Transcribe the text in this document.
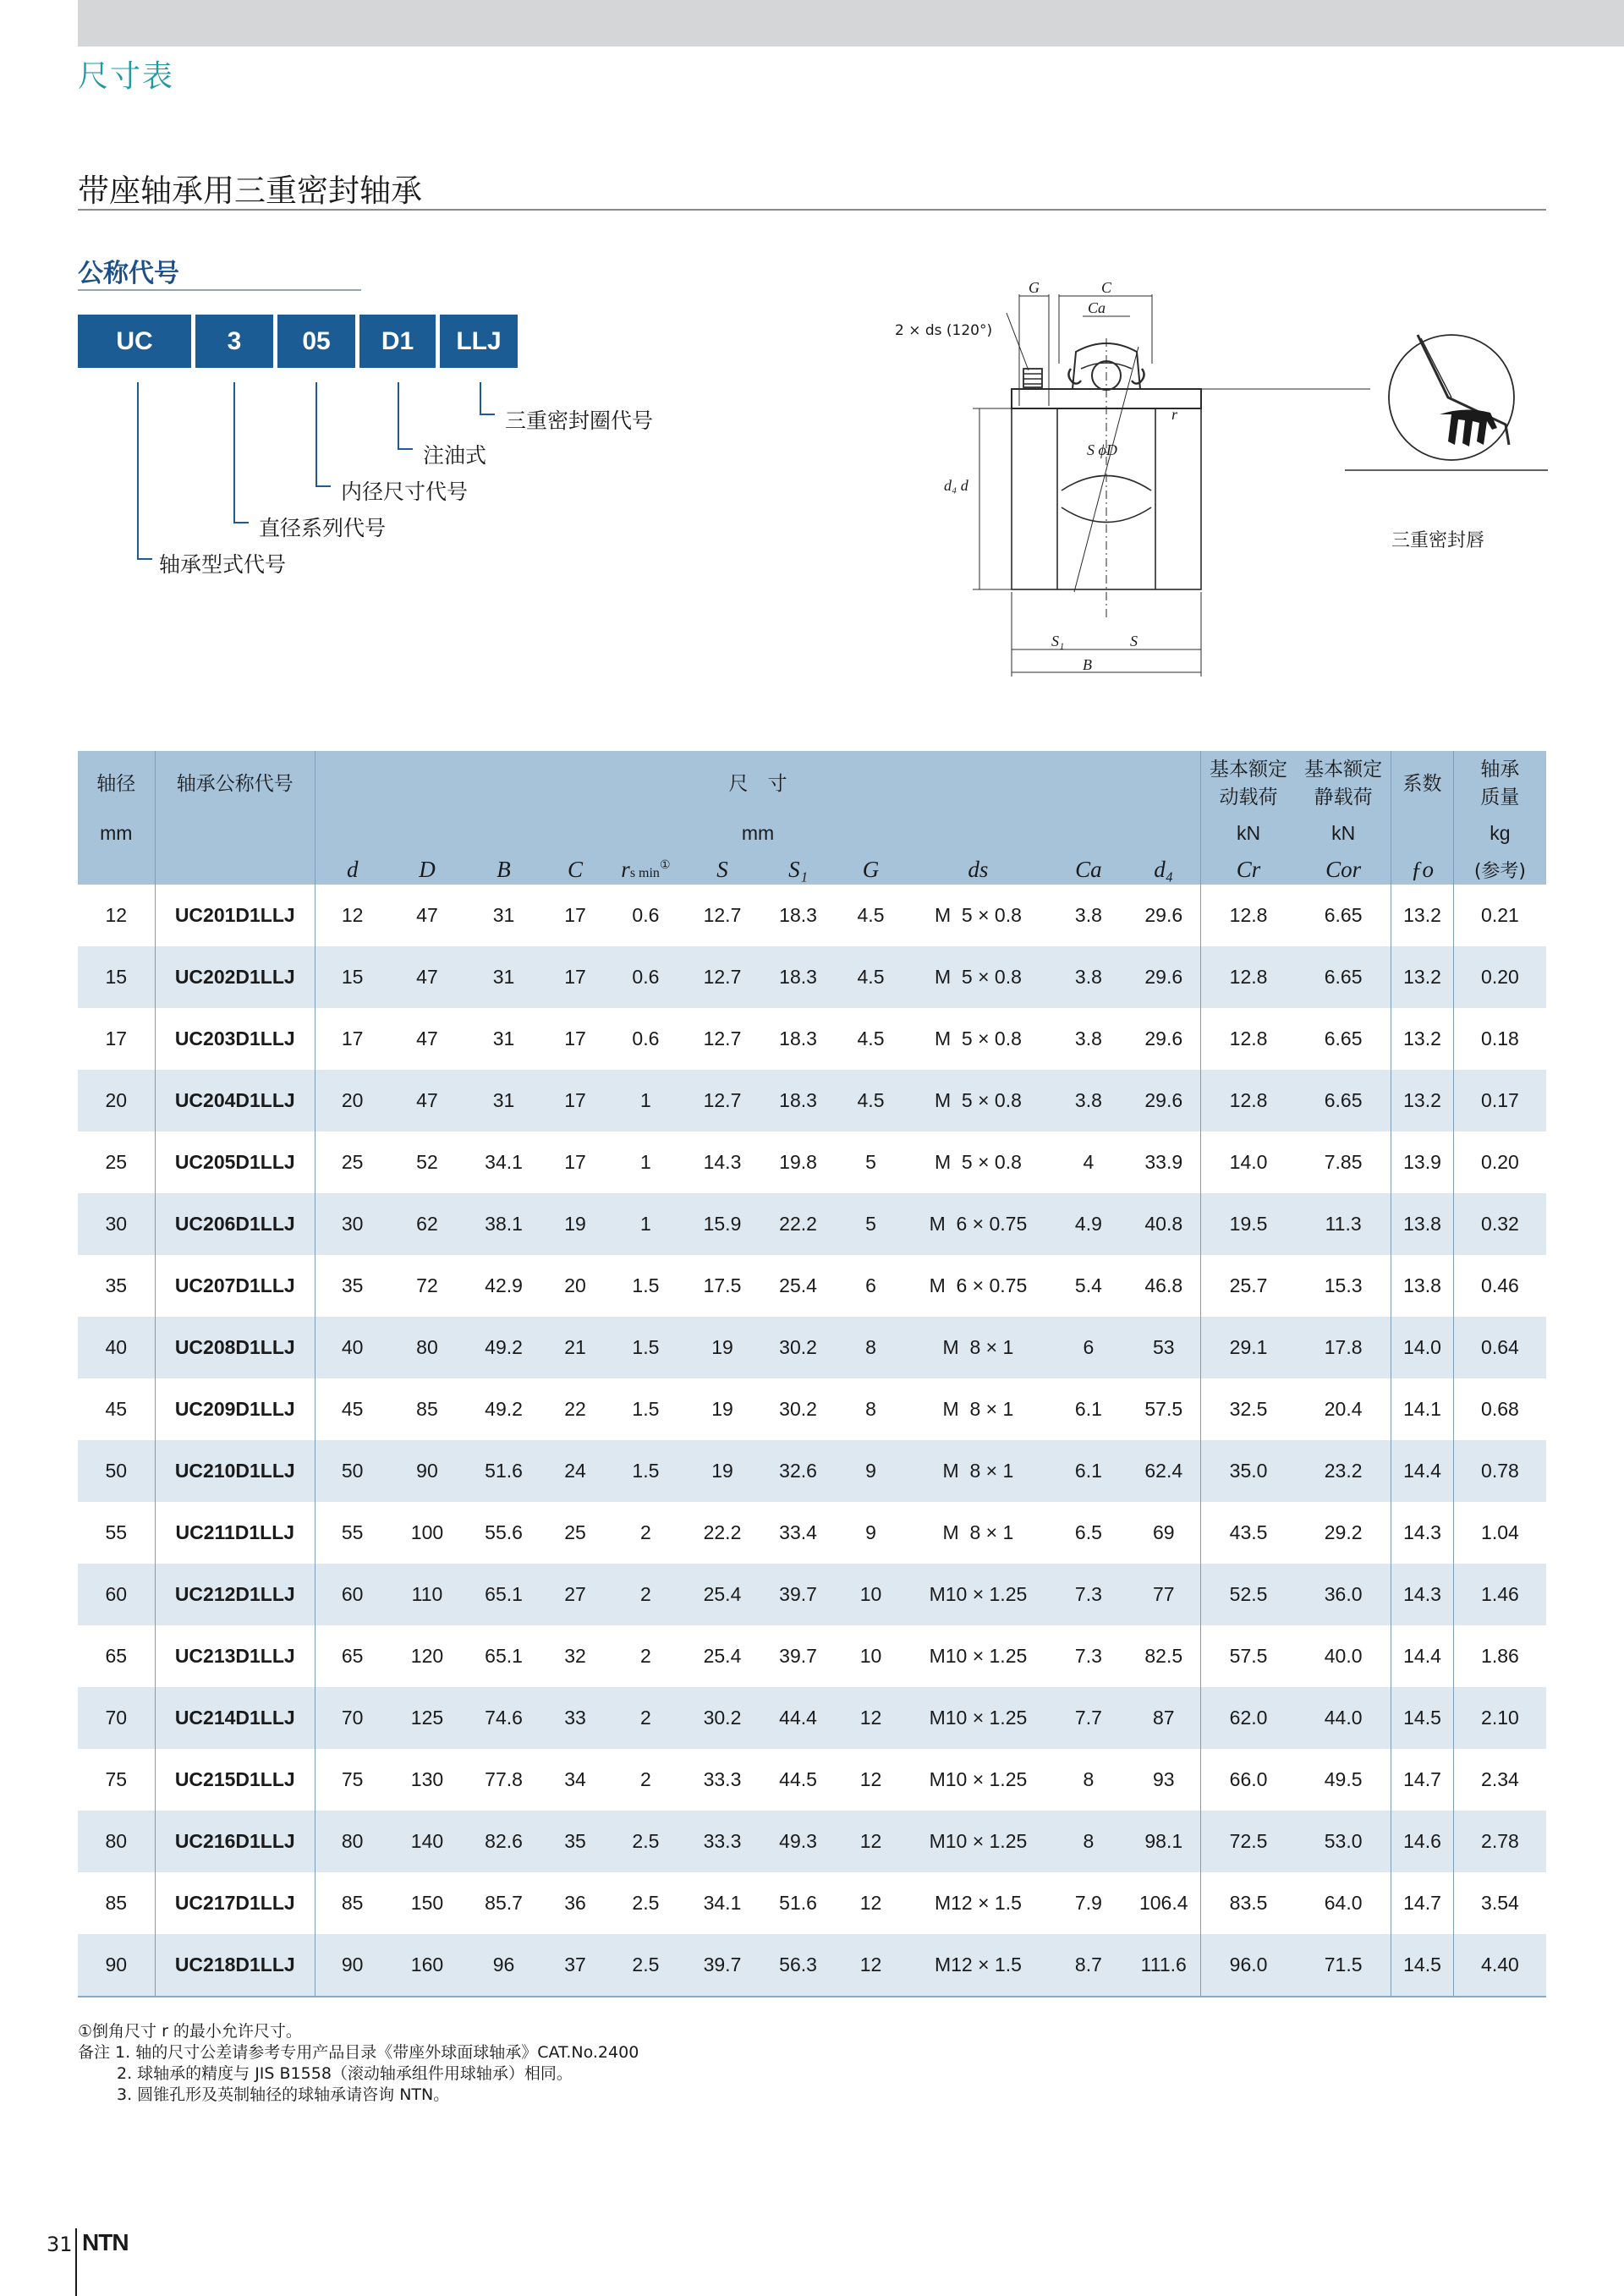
尺寸表
带座轴承用三重密封轴承
公称代号
UC	3	05	D1	LLJ
三重密封圈代号
注油式
内径尺寸代号
直径系列代号
轴承型式代号
G	C
Ca
2 × ds (120°)
r
S ϕD
d₄ d
S₁	S
B
三重密封唇
轴径	轴承公称代号	尺　寸											基本额定
动载荷	基本额定
静载荷	系数	轴承
质量
mm		mm											kN	kN		kg
		d	D	B	C	rs min①	S	S₁	G	ds	Ca	d₄	Cr	Cor	ƒo	(参考)
12	UC201D1LLJ	12	47	31	17	0.6	12.7	18.3	4.5	M  5 × 0.8	3.8	29.6	12.8	6.65	13.2	0.21
15	UC202D1LLJ	15	47	31	17	0.6	12.7	18.3	4.5	M  5 × 0.8	3.8	29.6	12.8	6.65	13.2	0.20
17	UC203D1LLJ	17	47	31	17	0.6	12.7	18.3	4.5	M  5 × 0.8	3.8	29.6	12.8	6.65	13.2	0.18
20	UC204D1LLJ	20	47	31	17	1	12.7	18.3	4.5	M  5 × 0.8	3.8	29.6	12.8	6.65	13.2	0.17
25	UC205D1LLJ	25	52	34.1	17	1	14.3	19.8	5	M  5 × 0.8	4	33.9	14.0	7.85	13.9	0.20
30	UC206D1LLJ	30	62	38.1	19	1	15.9	22.2	5	M  6 × 0.75	4.9	40.8	19.5	11.3	13.8	0.32
35	UC207D1LLJ	35	72	42.9	20	1.5	17.5	25.4	6	M  6 × 0.75	5.4	46.8	25.7	15.3	13.8	0.46
40	UC208D1LLJ	40	80	49.2	21	1.5	19	30.2	8	M  8 × 1	6	53	29.1	17.8	14.0	0.64
45	UC209D1LLJ	45	85	49.2	22	1.5	19	30.2	8	M  8 × 1	6.1	57.5	32.5	20.4	14.1	0.68
50	UC210D1LLJ	50	90	51.6	24	1.5	19	32.6	9	M  8 × 1	6.1	62.4	35.0	23.2	14.4	0.78
55	UC211D1LLJ	55	100	55.6	25	2	22.2	33.4	9	M  8 × 1	6.5	69	43.5	29.2	14.3	1.04
60	UC212D1LLJ	60	110	65.1	27	2	25.4	39.7	10	M10 × 1.25	7.3	77	52.5	36.0	14.3	1.46
65	UC213D1LLJ	65	120	65.1	32	2	25.4	39.7	10	M10 × 1.25	7.3	82.5	57.5	40.0	14.4	1.86
70	UC214D1LLJ	70	125	74.6	33	2	30.2	44.4	12	M10 × 1.25	7.7	87	62.0	44.0	14.5	2.10
75	UC215D1LLJ	75	130	77.8	34	2	33.3	44.5	12	M10 × 1.25	8	93	66.0	49.5	14.7	2.34
80	UC216D1LLJ	80	140	82.6	35	2.5	33.3	49.3	12	M10 × 1.25	8	98.1	72.5	53.0	14.6	2.78
85	UC217D1LLJ	85	150	85.7	36	2.5	34.1	51.6	12	M12 × 1.5	7.9	106.4	83.5	64.0	14.7	3.54
90	UC218D1LLJ	90	160	96	37	2.5	39.7	56.3	12	M12 × 1.5	8.7	111.6	96.0	71.5	14.5	4.40
①倒角尺寸 r 的最小允许尺寸。
备注 1. 轴的尺寸公差请参考专用产品目录《带座外球面球轴承》CAT.No.2400
2. 球轴承的精度与 JIS B1558（滚动轴承组件用球轴承）相同。
3. 圆锥孔形及英制轴径的球轴承请咨询 NTN。
31 NTN
